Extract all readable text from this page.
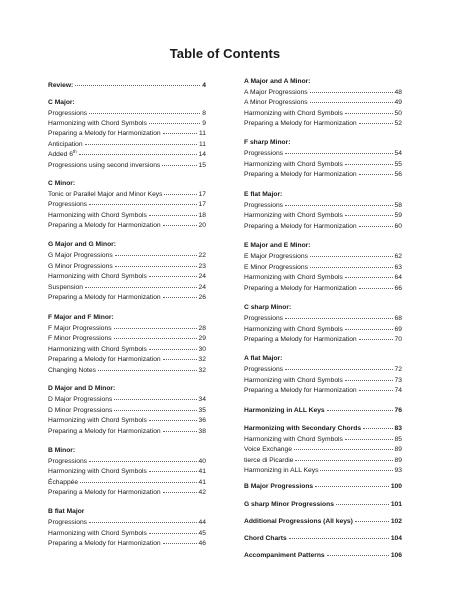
Table of Contents
Review:	4
C Major:
Progressions	8
Harmonizing with Chord Symbols	9
Preparing a Melody for Harmonization	11
Anticipation	11
Added 6th	14
Progressions using second inversions	15
C Minor:
Tonic or Parallel Major and Minor Keys	17
Progressions	17
Harmonizing with Chord Symbols	18
Preparing a Melody for Harmonization	20
G Major and G Minor:
G Major Progressions	22
G Minor Progressions	23
Harmonizing with Chord Symbols	24
Suspension	24
Preparing a Melody for Harmonization	26
F Major and F Minor:
F Major Progressions	28
F Minor Progressions	29
Harmonizing with Chord Symbols	30
Preparing a Melody for Harmonization	32
Changing Notes	32
D Major and D Minor:
D Major Progressions	34
D Minor Progressions	35
Harmonizing with Chord Symbols	36
Preparing a Melody for Harmonization	38
B Minor:
Progressions	40
Harmonizing with Chord Symbols	41
Échappée	41
Preparing a Melody for Harmonization	42
B flat Major
Progressions	44
Harmonizing with Chord Symbols	45
Preparing a Melody for Harmonization	46
A Major and A Minor:
A Major Progressions	48
A Minor Progressions	49
Harmonizing with Chord Symbols	50
Preparing a Melody for Harmonization	52
F sharp Minor:
Progressions	54
Harmonizing with Chord Symbols	55
Preparing a Melody for Harmonization	56
E flat Major:
Progressions	58
Harmonizing with Chord Symbols	59
Preparing a Melody for Harmonization	60
E Major and E Minor:
E Major Progressions	62
E Minor Progressions	63
Harmonizing with Chord Symbols	64
Preparing a Melody for Harmonization	66
C sharp Minor:
Progressions	68
Harmonizing with Chord Symbols	69
Preparing a Melody for Harmonization	70
A flat Major:
Progressions	72
Harmonizing with Chord Symbols	73
Preparing a Melody for Harmonization	74
Harmonizing in ALL Keys	76
Harmonizing with Secondary Chords	83
Harmonizing with Chord Symbols	85
Voice Exchange	89
tierce di Picardie	89
Harmonizing in ALL Keys	93
B Major Progressions	100
G sharp Minor Progressions	101
Additional Progressions (All keys)	102
Chord Charts	104
Accompaniment Patterns	106
